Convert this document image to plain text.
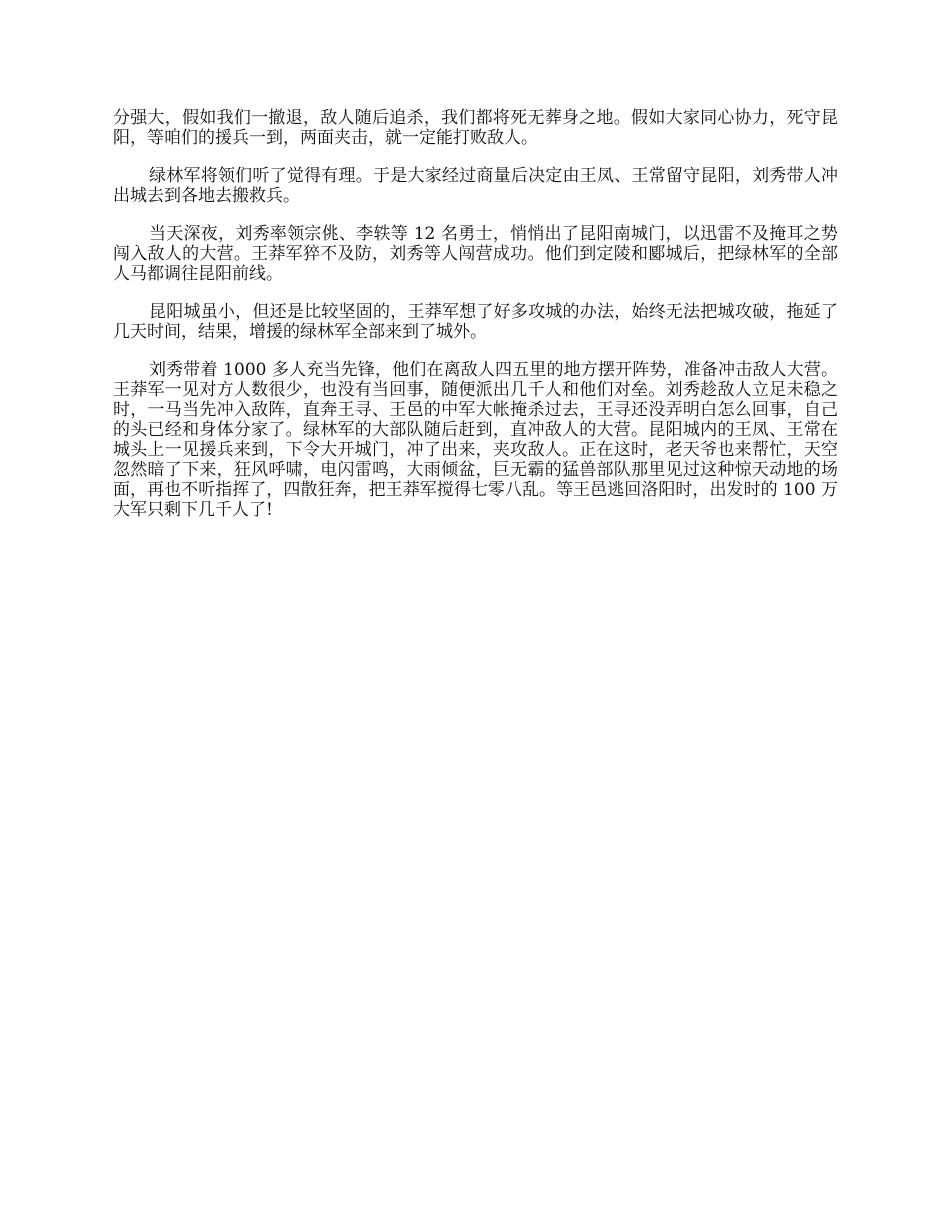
分强大，假如我们一撤退，敌人随后追杀，我们都将死无葬身之地。假如大家同心协力，死守昆阳，等咱们的援兵一到，两面夹击，就一定能打败敌人。

绿林军将领们听了觉得有理。于是大家经过商量后决定由王凤、王常留守昆阳，刘秀带人冲出城去到各地去搬救兵。

当天深夜，刘秀率领宗佻、李轶等 12 名勇士，悄悄出了昆阳南城门，以迅雷不及掩耳之势闯入敌人的大营。王莽军猝不及防，刘秀等人闯营成功。他们到定陵和郾城后，把绿林军的全部人马都调往昆阳前线。

昆阳城虽小，但还是比较坚固的，王莽军想了好多攻城的办法，始终无法把城攻破，拖延了几天时间，结果，增援的绿林军全部来到了城外。

刘秀带着 1000 多人充当先锋，他们在离敌人四五里的地方摆开阵势，准备冲击敌人大营。王莽军一见对方人数很少，也没有当回事，随便派出几千人和他们对垒。刘秀趁敌人立足未稳之时，一马当先冲入敌阵，直奔王寻、王邑的中军大帐掩杀过去，王寻还没弄明白怎么回事，自己的头已经和身体分家了。绿林军的大部队随后赶到，直冲敌人的大营。昆阳城内的王凤、王常在城头上一见援兵来到，下令大开城门，冲了出来，夹攻敌人。正在这时，老天爷也来帮忙，天空忽然暗了下来，狂风呼啸，电闪雷鸣，大雨倾盆，巨无霸的猛兽部队那里见过这种惊天动地的场面，再也不听指挥了，四散狂奔，把王莽军搅得七零八乱。等王邑逃回洛阳时，出发时的 100 万大军只剩下几千人了!
